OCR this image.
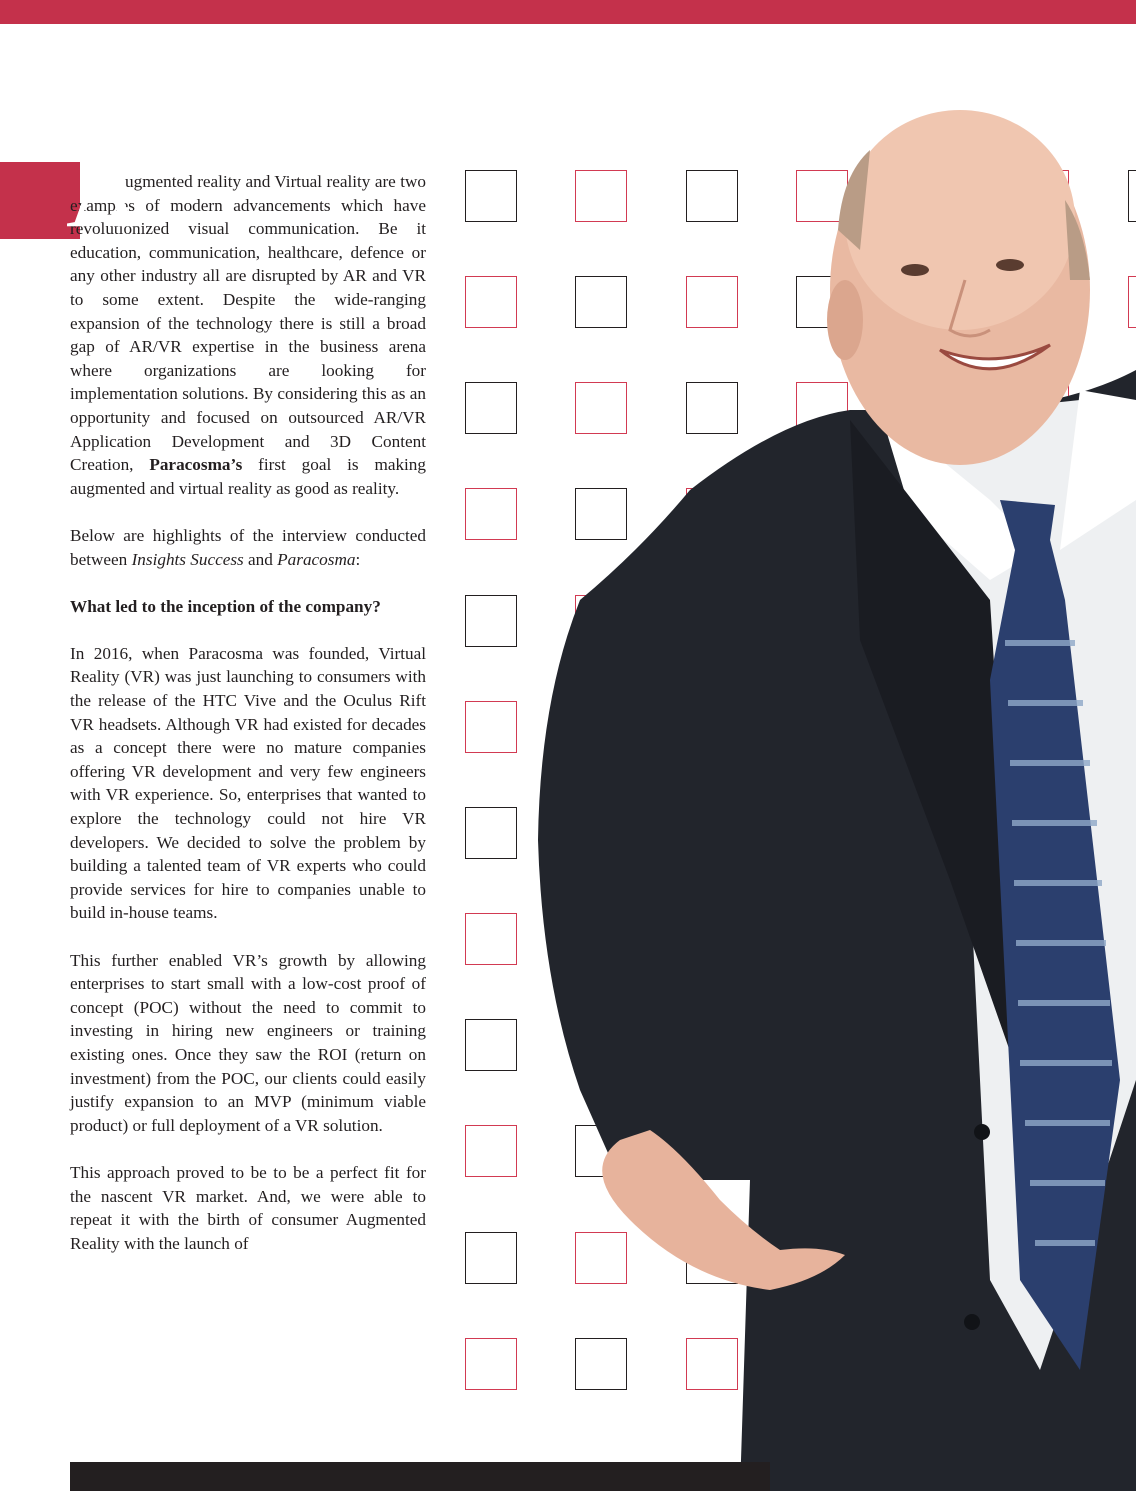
ugmented reality and Virtual reality are two examples of modern advancements which have revolutionized visual communication. Be it education, communication, healthcare, defence or any other industry all are disrupted by AR and VR to some extent. Despite the wide-ranging expansion of the technology there is still a broad gap of AR/VR expertise in the business arena where organizations are looking for implementation solutions. By considering this as an opportunity and focused on outsourced AR/VR Application Development and 3D Content Creation, Paracosma’s first goal is making augmented and virtual reality as good as reality.

Below are highlights of the interview conducted between Insights Success and Paracosma:

What led to the inception of the company?

In 2016, when Paracosma was founded, Virtual Reality (VR) was just launching to consumers with the release of the HTC Vive and the Oculus Rift VR headsets. Although VR had existed for decades as a concept there were no mature companies offering VR development and very few engineers with VR experience. So, enterprises that wanted to explore the technology could not hire VR developers. We decided to solve the problem by building a talented team of VR experts who could provide services for hire to companies unable to build in-house teams.

This further enabled VR’s growth by allowing enterprises to start small with a low-cost proof of concept (POC) without the need to commit to investing in hiring new engineers or training existing ones. Once they saw the ROI (return on investment) from the POC, our clients could easily justify expansion to an MVP (minimum viable product) or full deployment of a VR solution.

This approach proved to be to be a perfect fit for the nascent VR market. And, we were able to repeat it with the birth of consumer Augmented Reality with the launch of

A
